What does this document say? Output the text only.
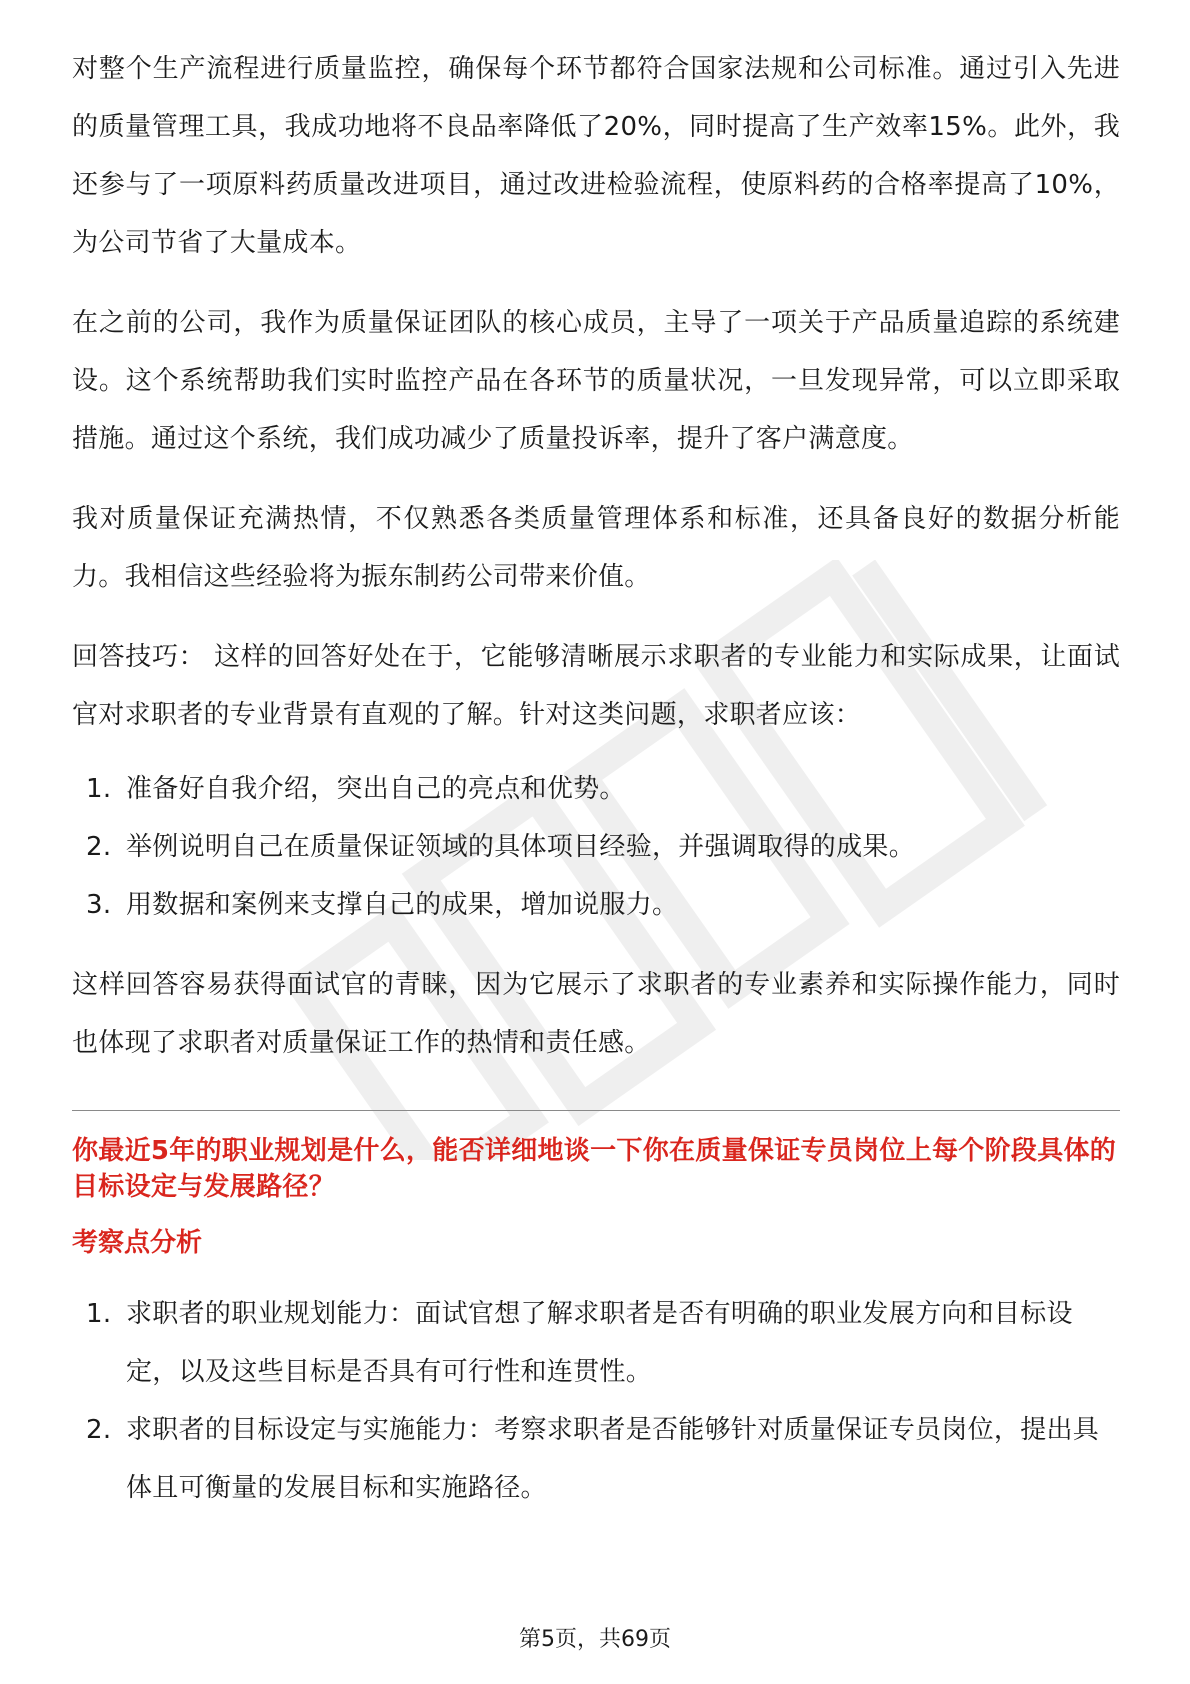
对整个生产流程进行质量监控，确保每个环节都符合国家法规和公司标准。通过引入先进的质量管理工具，我成功地将不良品率降低了20%，同时提高了生产效率15%。此外，我还参与了一项原料药质量改进项目，通过改进检验流程，使原料药的合格率提高了10%，为公司节省了大量成本。

在之前的公司，我作为质量保证团队的核心成员，主导了一项关于产品质量追踪的系统建设。这个系统帮助我们实时监控产品在各环节的质量状况，一旦发现异常，可以立即采取措施。通过这个系统，我们成功减少了质量投诉率，提升了客户满意度。

我对质量保证充满热情，不仅熟悉各类质量管理体系和标准，还具备良好的数据分析能力。我相信这些经验将为振东制药公司带来价值。

回答技巧： 这样的回答好处在于，它能够清晰展示求职者的专业能力和实际成果，让面试官对求职者的专业背景有直观的了解。针对这类问题，求职者应该：

1. 准备好自我介绍，突出自己的亮点和优势。
2. 举例说明自己在质量保证领域的具体项目经验，并强调取得的成果。
3. 用数据和案例来支撑自己的成果，增加说服力。

这样回答容易获得面试官的青睐，因为它展示了求职者的专业素养和实际操作能力，同时也体现了求职者对质量保证工作的热情和责任感。

你最近5年的职业规划是什么，能否详细地谈一下你在质量保证专员岗位上每个阶段具体的目标设定与发展路径？

考察点分析

1. 求职者的职业规划能力：面试官想了解求职者是否有明确的职业发展方向和目标设定，以及这些目标是否具有可行性和连贯性。
2. 求职者的目标设定与实施能力：考察求职者是否能够针对质量保证专员岗位，提出具体且可衡量的发展目标和实施路径。
第5页，共69页
